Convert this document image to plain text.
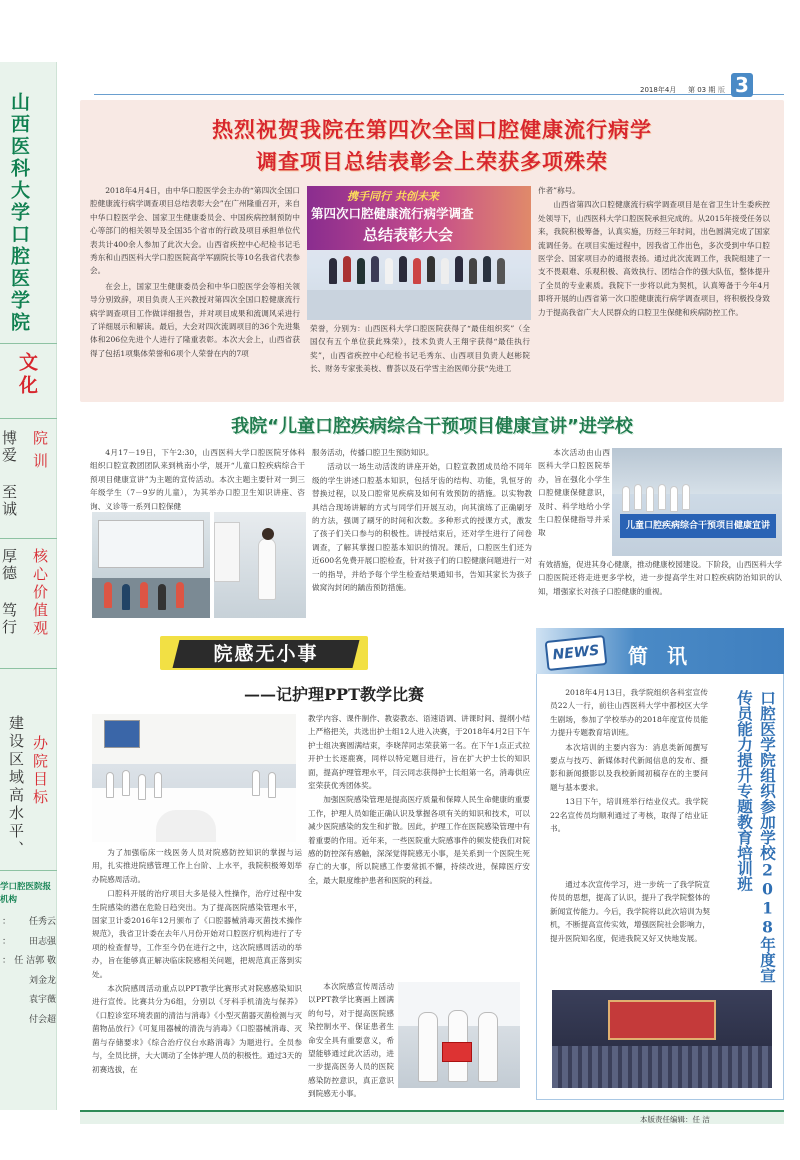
山西医科大学口腔医学院
文化
院训
博爱 至诚
核心价值观
厚德 笃行
办院目标
建设区域高水平、
学口腔医院报
机构
： 任秀云
： 田志强
郭 敬
： 任 洁
刘金龙
袁宇薇
付会超
2018年4月 第 03 期 版 3
热烈祝贺我院在第四次全国口腔健康流行病学
调查项目总结表彰会上荣获多项殊荣

2018年4月4日，由中华口腔医学会主办的“第四次全国口腔健康流行病学调查项目总结表彰大会”在广州隆重召开，来自中华口腔医学会、国家卫生健康委员会、中国疾病控制预防中心等部门的相关领导及全国35个省市的行政及项目承担单位代表共计400余人参加了此次大会。山西省疾控中心纪检书记毛秀东和山西医科大学口腔医院高学军副院长等10名我省代表参会。

在会上，国家卫生健康委员会和中华口腔医学会等相关领导分别致辞，项目负责人王兴教授对第四次全国口腔健康流行病学调查项目工作做详细报告，并对项目成果和流调风采进行了详细展示和解读。最后，大会对四次流调项目的36个先进集体和206位先进个人进行了隆重表彰。本次大会上，山西省获得了包括1项集体荣誉和6项个人荣誉在内的7项

携手同行 共创未来
第四次口腔健康流行病学调查
总结表彰大会

荣誉，分别为：山西医科大学口腔医院获得了“最佳组织奖”（全国仅有五个单位获此殊荣），技术负责人王翔宇获得“最佳执行奖”，山西省疾控中心纪检书记毛秀东、山西项目负责人赵彬院长、财务专家张美枝、曹荟以及石学雪主治医师分获“先进工

作者”称号。

山西省第四次口腔健康流行病学调查项目是在省卫生计生委疾控处领导下，山西医科大学口腔医院承担完成的。从2015年接受任务以来，我院积极筹备，认真实施，历经三年时间，出色圆满完成了国家流调任务。在项目实施过程中，因我省工作出色，多次受到中华口腔医学会、国家项目办的通报表扬。通过此次流调工作，我院组建了一支不畏艰难、乐观积极、高效执行、团结合作的强大队伍，整体提升了全员的专业素质。我院下一步将以此为契机，认真筹备于今年4月即将开展的山西省第一次口腔健康流行病学调查项目，将积极投身致力于提高我省广大人民群众的口腔卫生保健和疾病防控工作。

我院“儿童口腔疾病综合干预项目健康宣讲”进学校

4月17－19日，下午2:30，山西医科大学口腔医院牙体科组织口腔宣教团团队来到桃南小学，展开“儿童口腔疾病综合干预项目健康宣讲”为主题的宣传活动。本次主题主要针对一到三年级学生（7－9岁的儿童），为其举办口腔卫生知识讲座、咨询、义诊等一系列口腔保健

服务活动，传播口腔卫生预防知识。

活动以一场生动活泼的讲座开始，口腔宣教团成员给不同年级的学生讲述口腔基本知识，包括牙齿的结构、功能，乳恒牙的替换过程，以及口腔常见疾病及如何有效预防的措施。以实物教具结合现场讲解的方式与同学们开展互动，向其演练了正确刷牙的方法，强调了刷牙的时间和次数。多种形式的授课方式，激发了孩子们关口参与的积极性。讲授结束后，还对学生进行了问卷调查，了解其掌握口腔基本知识的情况。课后，口腔医生们还为近600名免费开展口腔检查，针对孩子们的口腔健康问题进行一对一的指导，并给予每个学生检查结果通知书，告知其家长为孩子做窝沟封闭的龋齿预防措施。

本次活动由山西医科大学口腔医院举办，旨在强化小学生口腔健康保健意识，及时、科学地给小学生口腔保健指导并采取

儿童口腔疾病综合干预项目健康宣讲

有效措施，促进其身心健康，推动健康校园建设。下阶段，山西医科大学口腔医院还将走进更多学校，进一步提高学生对口腔疾病防治知识的认知，增强家长对孩子口腔健康的重视。

院感无小事
——记护理PPT教学比赛

为了加强临床一线医务人员对院感防控知识的掌握与运用，扎实推进院感管理工作上台阶、上水平，我院积极筹划举办院感周活动。

口腔科开展的治疗项目大多是侵入性操作，治疗过程中发生院感染的潜在危险日趋突出。为了提高医院感染管理水平，国家卫计委2016年12月颁布了《口腔器械消毒灭菌技术操作规范》，我省卫计委在去年八月份开始对口腔医疗机构进行了专项的检查督导，工作至今仍在进行之中，这次院感周活动的举办，旨在能够真正解决临床院感相关问题，把规范真正落到实处。

本次院感周活动重点以PPT教学比赛形式对院感感染知识进行宣传。比赛共分为6组，分别以《牙科手机清洗与保养》《口腔诊室环境表面的清洁与消毒》《小型灭菌器灭菌检测与灭菌物品放行》《可复用器械的清洗与消毒》《口腔器械消毒、灭菌与存储要求》《综合治疗仪台水路消毒》为题进行。全员参与，全员比拼，大大调动了全体护理人员的积极性。通过3天的初赛选拔，在

教学内容、课件制作、教姿教态、语速语调、讲课时间、提纲小结上严格把关，共选出护士组12人进入决赛，于2018年4月2日下午护士组决赛圆满结束，李晓萍同志荣获第一名。在下午1点正式拉开护士长逐鹿赛，同样以特定题目进行，旨在扩大护士长的知识面，提高护理管理水平，闫云同志获得护士长组第一名，消毒供应室荣获优秀团体奖。

加强医院感染管理是提高医疗质量和保障人民生命健康的重要工作，护理人员如能正确认识及掌握各项有关的知识和技术，可以减少医院感染的发生和扩散。因此，护理工作在医院感染管理中有着重要的作用。近年来，一些医院重大院感事件的频发使我们对院感的防控深有感触，深深觉得院感无小事，是关系到一个医院生死存亡的大事，所以院感工作要常抓不懈，持续改进，保障医疗安全，最大限度维护患者和医院的利益。

本次院感宣传周活动以PPT教学比赛画上圆满的句号，对于提高医院感染控制水平、保证患者生命安全具有重要意义，希望能够通过此次活动，进一步提高医务人员的医院感染防控意识，真正意识到院感无小事。

NEWS	简 讯

2018年4月13日，我学院组织各科室宣传员22人一行，前往山西医科大学中都校区大学生剧场，参加了学校举办的2018年度宣传员能力提升专题教育培训班。

本次培训的主要内容为：消息类新闻撰写要点与技巧、新媒体时代新闻信息的发布、摄影和新闻摄影以及我校新闻初稿存在的主要问题与基本要求。

13日下午，培训班举行结业仪式。我学院22名宣传员均顺利通过了考核，取得了结业证书。

通过本次宣传学习，进一步统一了我学院宣传员的思想，提高了认识，提升了我学院整体的新闻宣传能力。今后，我学院将以此次培训为契机，不断提高宣传实效，增强医院社会影响力，提升医院知名度，促进我院又好又快地发展。	口腔医学院组织参加学校2018年度宣传员能力提升专题教育培训班
本版责任编辑：任 洁
